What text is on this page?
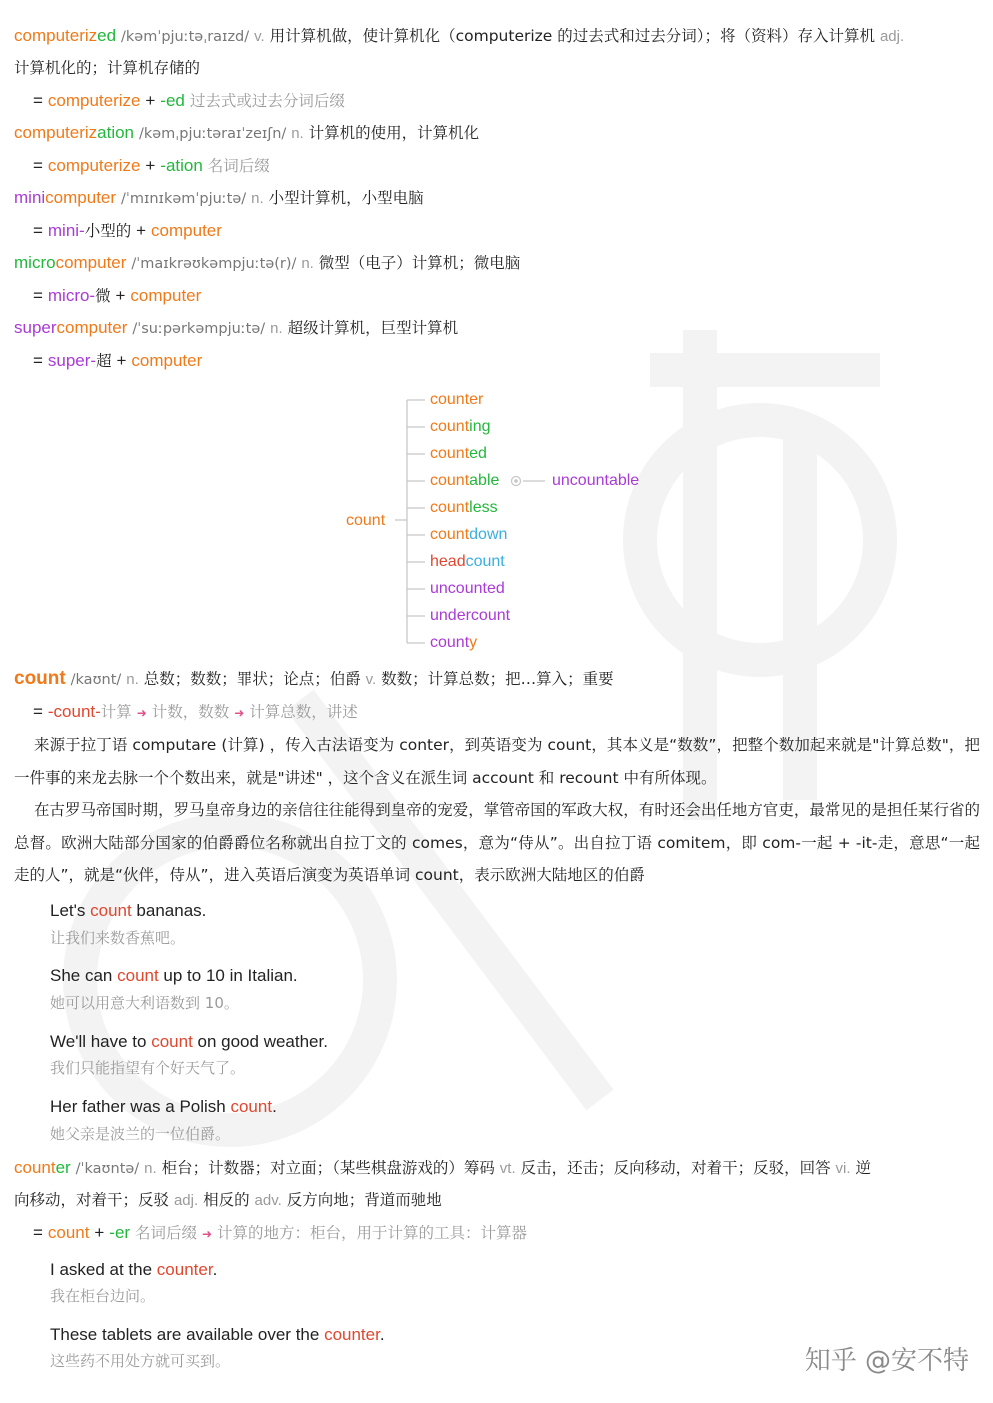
computerized /kəmˈpjuːtəˌraɪzd/ v. 用计算机做，使计算机化（computerize 的过去式和过去分词）；将（资料）存入计算机 adj.
计算机化的；计算机存储的
= computerize + -ed 过去式或过去分词后缀
computerization /kəmˌpjuːtəraɪˈzeɪʃn/ n. 计算机的使用，计算机化
= computerize + -ation 名词后缀
minicomputer /ˈmɪnɪkəmˈpjuːtə/ n. 小型计算机，小型电脑
= mini-小型的 + computer
microcomputer /ˈmaɪkrəʊkəmpjuːtə(r)/ n. 微型（电子）计算机；微电脑
= micro-微 + computer
supercomputer /ˈsuːpərkəmpjuːtə/ n. 超级计算机，巨型计算机
= super-超 + computer
count
counter
counting
counted
countable
countless
countdown
headcount
uncounted
undercount
county
uncountable
count /kaʊnt/ n. 总数；数数；罪状；论点；伯爵 v. 数数；计算总数；把…算入；重要
= -count-计算 ➜ 计数，数数 ➜ 计算总数，讲述
来源于拉丁语 computare (计算) ，传入古法语变为 conter，到英语变为 count，其本义是“数数”，把整个数加起来就是"计算总数"，把一件事的来龙去脉一个个数出来，就是"讲述" ，这个含义在派生词 account 和 recount 中有所体现。
在古罗马帝国时期，罗马皇帝身边的亲信往往能得到皇帝的宠爱，掌管帝国的军政大权，有时还会出任地方官吏，最常见的是担任某行省的总督。欧洲大陆部分国家的伯爵爵位名称就出自拉丁文的 comes，意为“侍从”。出自拉丁语 comitem，即 com-一起 + -it-走，意思“一起走的人”，就是“伙伴，侍从”，进入英语后演变为英语单词 count，表示欧洲大陆地区的伯爵
Let's count bananas.
让我们来数香蕉吧。
She can count up to 10 in Italian.
她可以用意大利语数到 10。
We'll have to count on good weather.
我们只能指望有个好天气了。
Her father was a Polish count.
她父亲是波兰的一位伯爵。
counter /ˈkaʊntə/ n. 柜台；计数器；对立面；（某些棋盘游戏的）筹码 vt. 反击，还击；反向移动，对着干；反驳，回答 vi. 逆
向移动，对着干；反驳 adj. 相反的 adv. 反方向地；背道而驰地
= count + -er 名词后缀 ➜ 计算的地方：柜台，用于计算的工具：计算器
I asked at the counter.
我在柜台边问。
These tablets are available over the counter.
这些药不用处方就可买到。	知乎 @安不特
